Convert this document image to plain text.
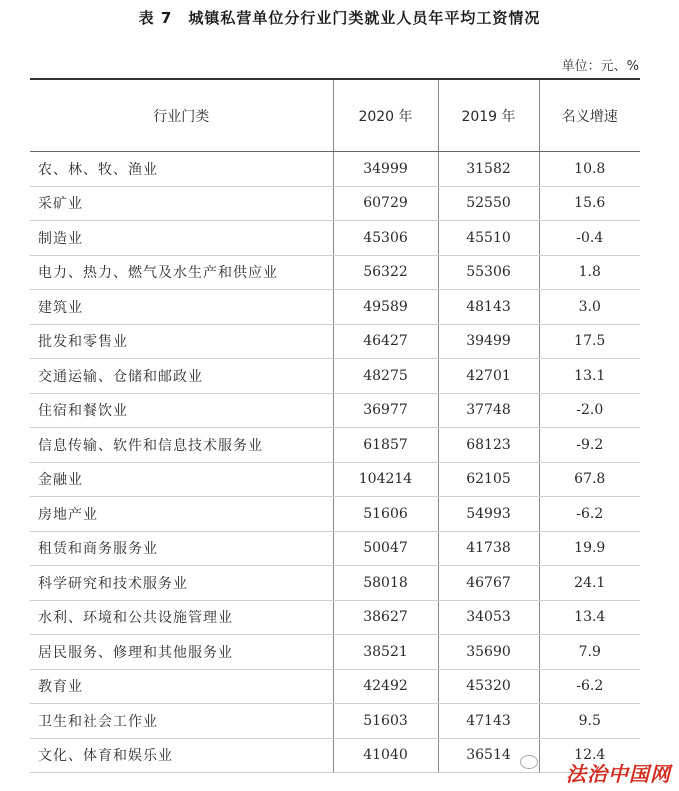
表 7　城镇私营单位分行业门类就业人员年平均工资情况
单位：元、%
行业门类	2020 年	2019 年	名义增速
农、林、牧、渔业	34999	31582	10.8
采矿业	60729	52550	15.6
制造业	45306	45510	-0.4
电力、热力、燃气及水生产和供应业	56322	55306	1.8
建筑业	49589	48143	3.0
批发和零售业	46427	39499	17.5
交通运输、仓储和邮政业	48275	42701	13.1
住宿和餐饮业	36977	37748	-2.0
信息传输、软件和信息技术服务业	61857	68123	-9.2
金融业	104214	62105	67.8
房地产业	51606	54993	-6.2
租赁和商务服务业	50047	41738	19.9
科学研究和技术服务业	58018	46767	24.1
水利、环境和公共设施管理业	38627	34053	13.4
居民服务、修理和其他服务业	38521	35690	7.9
教育业	42492	45320	-6.2
卫生和社会工作业	51603	47143	9.5
文化、体育和娱乐业	41040	36514	12.4
法治中国网
